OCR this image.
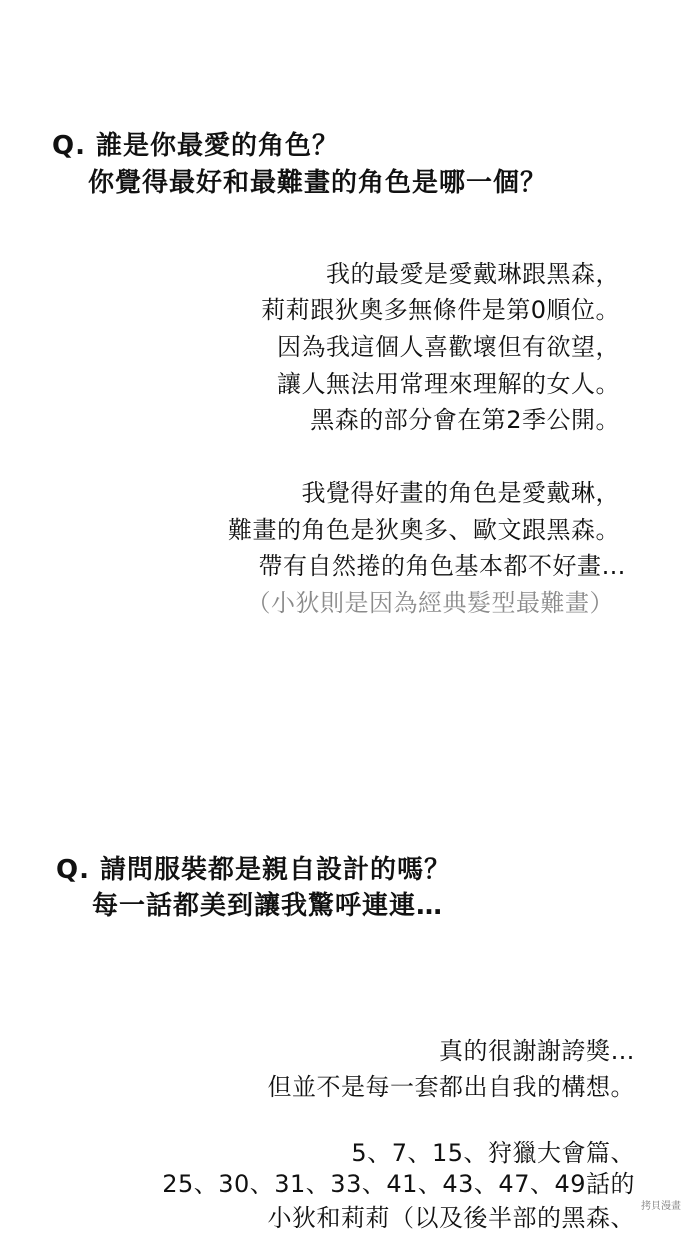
Q. 誰是你最愛的角色？
你覺得最好和最難畫的角色是哪一個？
我的最愛是愛戴琳跟黑森，
莉莉跟狄奧多無條件是第0順位。
因為我這個人喜歡壞但有欲望，
讓人無法用常理來理解的女人。
黑森的部分會在第2季公開。
我覺得好畫的角色是愛戴琳，
難畫的角色是狄奧多、歐文跟黑森。
帶有自然捲的角色基本都不好畫…
（小狄則是因為經典髮型最難畫）
Q. 請問服裝都是親自設計的嗎？
每一話都美到讓我驚呼連連…
真的很謝謝誇獎…
但並不是每一套都出自我的構想。
5、7、15、狩獵大會篇、
25、30、31、33、41、43、47、49話的
小狄和莉莉（以及後半部的黑森、 拷貝漫畫
